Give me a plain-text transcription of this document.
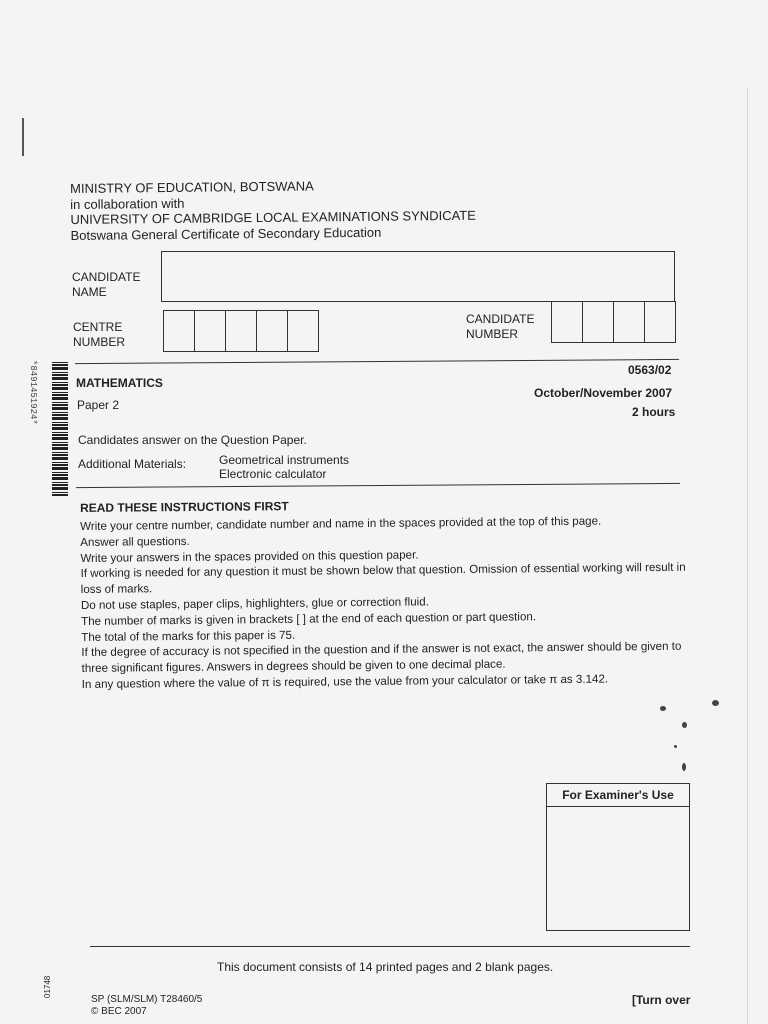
MINISTRY OF EDUCATION, BOTSWANA
in collaboration with
UNIVERSITY OF CAMBRIDGE LOCAL EXAMINATIONS SYNDICATE
Botswana General Certificate of Secondary Education
CANDIDATE
NAME
CENTRE
NUMBER
CANDIDATE
NUMBER
*8491451924*	MATHEMATICS
Paper 2
0563/02
October/November 2007
2 hours
Candidates answer on the Question Paper.
Additional Materials:	Geometrical instruments
Electronic calculator
READ THESE INSTRUCTIONS FIRST

Write your centre number, candidate number and name in the spaces provided at the top of this page.

Answer all questions.

Write your answers in the spaces provided on this question paper.

If working is needed for any question it must be shown below that question. Omission of essential working will result in loss of marks.

Do not use staples, paper clips, highlighters, glue or correction fluid.

The number of marks is given in brackets [ ] at the end of each question or part question.

The total of the marks for this paper is 75.

If the degree of accuracy is not specified in the question and if the answer is not exact, the answer should be given to three significant figures. Answers in degrees should be given to one decimal place.

In any question where the value of π is required, use the value from your calculator or take π as 3.142.

For Examiner's Use
This document consists of 14 printed pages and 2 blank pages.
01748
SP (SLM/SLM) T28460/5
© BEC 2007
[Turn over
